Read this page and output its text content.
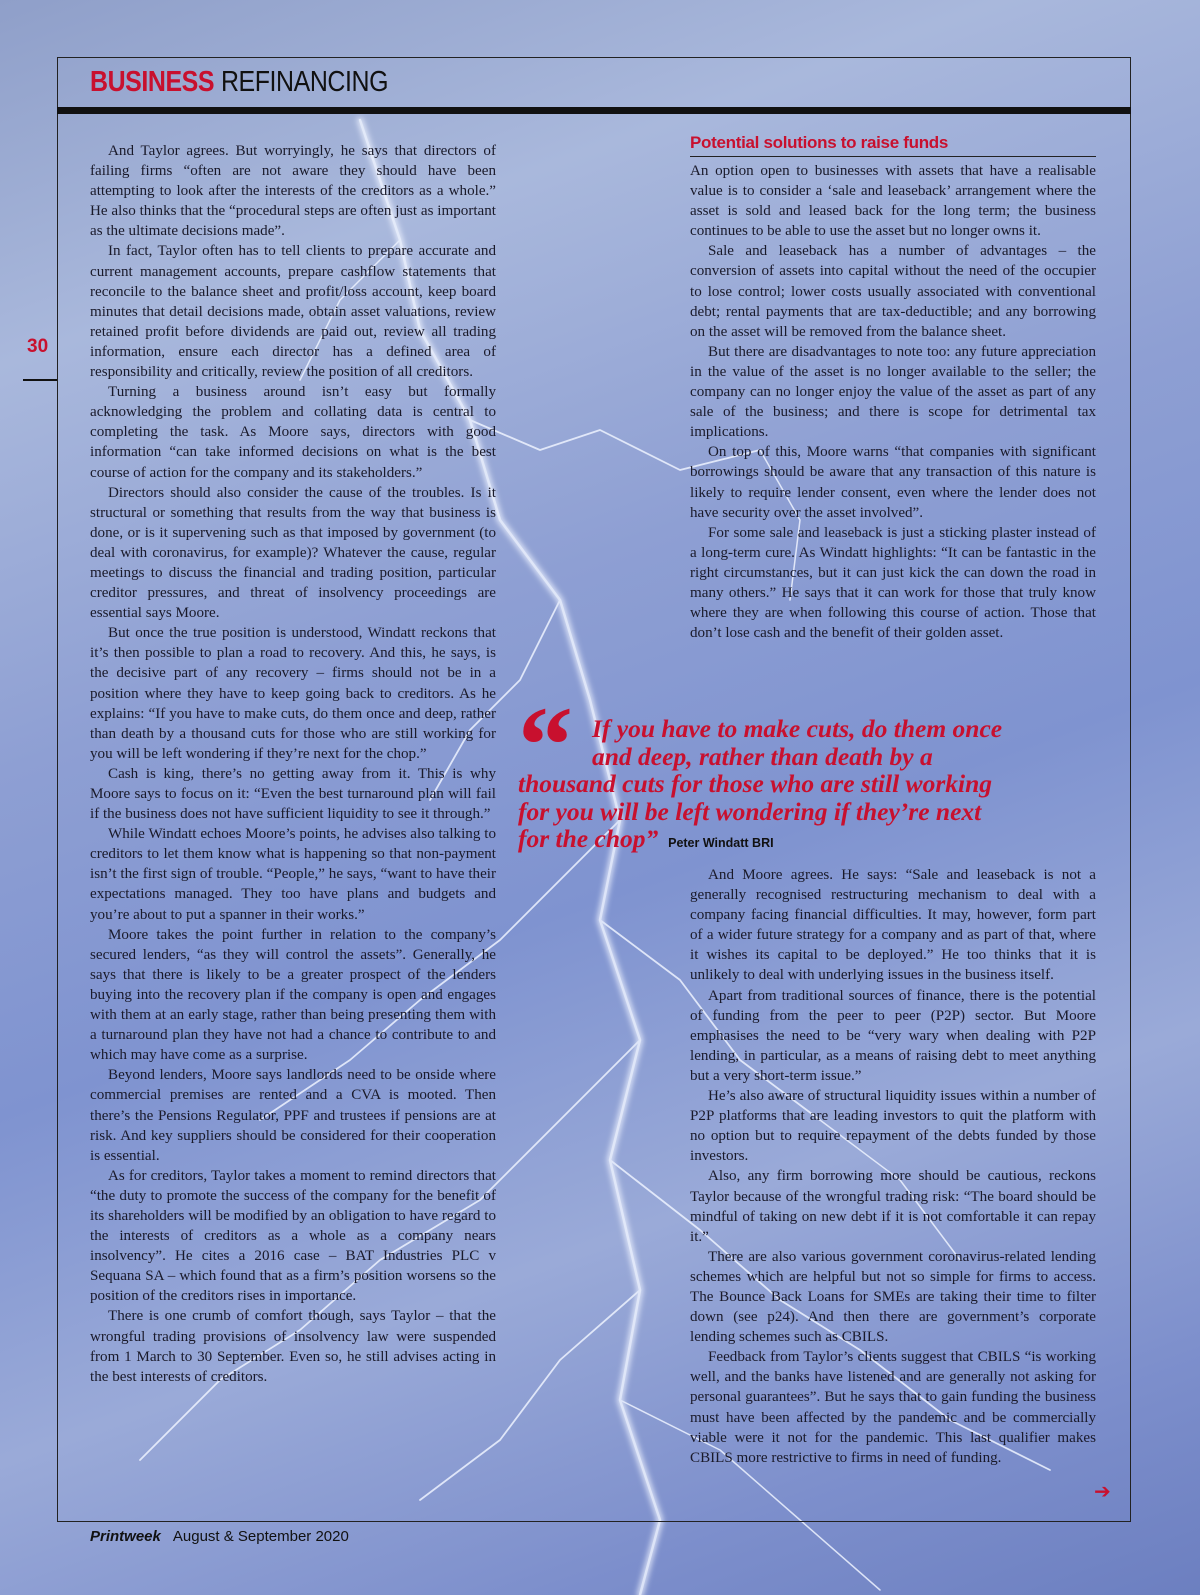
BUSINESS REFINANCING
30

And Taylor agrees. But worryingly, he says that directors of failing firms “often are not aware they should have been attempting to look after the interests of the creditors as a whole.” He also thinks that the “procedural steps are often just as important as the ultimate decisions made”.

In fact, Taylor often has to tell clients to prepare accurate and current management accounts, prepare cashflow statements that reconcile to the balance sheet and profit/loss account, keep board minutes that detail decisions made, obtain asset valuations, review retained profit before dividends are paid out, review all trading information, ensure each director has a defined area of responsibility and critically, review the position of all creditors.

Turning a business around isn’t easy but formally acknowledging the problem and collating data is central to completing the task. As Moore says, directors with good information “can take informed decisions on what is the best course of action for the company and its stakeholders.”

Directors should also consider the cause of the troubles. Is it structural or something that results from the way that business is done, or is it supervening such as that imposed by government (to deal with coronavirus, for example)? Whatever the cause, regular meetings to discuss the financial and trading position, particular creditor pressures, and threat of insolvency proceedings are essential says Moore.

But once the true position is understood, Windatt reckons that it’s then possible to plan a road to recovery. And this, he says, is the decisive part of any recovery – firms should not be in a position where they have to keep going back to creditors. As he explains: “If you have to make cuts, do them once and deep, rather than death by a thousand cuts for those who are still working for you will be left wondering if they’re next for the chop.”

Cash is king, there’s no getting away from it. This is why Moore says to focus on it: “Even the best turnaround plan will fail if the business does not have sufficient liquidity to see it through.”

While Windatt echoes Moore’s points, he advises also talking to creditors to let them know what is happening so that non-payment isn’t the first sign of trouble. “People,” he says, “want to have their expectations managed. They too have plans and budgets and you’re about to put a spanner in their works.”

Moore takes the point further in relation to the company’s secured lenders, “as they will control the assets”. Generally, he says that there is likely to be a greater prospect of the lenders buying into the recovery plan if the company is open and engages with them at an early stage, rather than being presenting them with a turnaround plan they have not had a chance to contribute to and which may have come as a surprise.

Beyond lenders, Moore says landlords need to be onside where commercial premises are rented and a CVA is mooted. Then there’s the Pensions Regulator, PPF and trustees if pensions are at risk. And key suppliers should be considered for their cooperation is essential.

As for creditors, Taylor takes a moment to remind directors that “the duty to promote the success of the company for the benefit of its shareholders will be modified by an obligation to have regard to the interests of creditors as a whole as a company nears insolvency”. He cites a 2016 case – BAT Industries PLC v Sequana SA – which found that as a firm’s position worsens so the position of the creditors rises in importance.

There is one crumb of comfort though, says Taylor – that the wrongful trading provisions of insolvency law were suspended from 1 March to 30 September. Even so, he still advises acting in the best interests of creditors.

Potential solutions to raise funds

An option open to businesses with assets that have a realisable value is to consider a ‘sale and leaseback’ arrangement where the asset is sold and leased back for the long term; the business continues to be able to use the asset but no longer owns it.

Sale and leaseback has a number of advantages – the conversion of assets into capital without the need of the occupier to lose control; lower costs usually associated with conventional debt; rental payments that are tax-deductible; and any borrowing on the asset will be removed from the balance sheet.

But there are disadvantages to note too: any future appreciation in the value of the asset is no longer available to the seller; the company can no longer enjoy the value of the asset as part of any sale of the business; and there is scope for detrimental tax implications.

On top of this, Moore warns “that companies with significant borrowings should be aware that any transaction of this nature is likely to require lender consent, even where the lender does not have security over the asset involved”.

For some sale and leaseback is just a sticking plaster instead of a long-term cure. As Windatt highlights: “It can be fantastic in the right circumstances, but it can just kick the can down the road in many others.” He says that it can work for those that truly know where they are when following this course of action. Those that don’t lose cash and the benefit of their golden asset.

“ If you have to make cuts, do them once
and deep, rather than death by a
thousand cuts for those who are still working
for you will be left wondering if they’re next
for the chop” Peter Windatt BRI

And Moore agrees. He says: “Sale and leaseback is not a generally recognised restructuring mechanism to deal with a company facing financial difficulties. It may, however, form part of a wider future strategy for a company and as part of that, where it wishes its capital to be deployed.” He too thinks that it is unlikely to deal with underlying issues in the business itself.

Apart from traditional sources of finance, there is the potential of funding from the peer to peer (P2P) sector. But Moore emphasises the need to be “very wary when dealing with P2P lending, in particular, as a means of raising debt to meet anything but a very short-term issue.”

He’s also aware of structural liquidity issues within a number of P2P platforms that are leading investors to quit the platform with no option but to require repayment of the debts funded by those investors.

Also, any firm borrowing more should be cautious, reckons Taylor because of the wrongful trading risk: “The board should be mindful of taking on new debt if it is not comfortable it can repay it.”

There are also various government coronavirus-related lending schemes which are helpful but not so simple for firms to access. The Bounce Back Loans for SMEs are taking their time to filter down (see p24). And then there are government’s corporate lending schemes such as CBILS.

Feedback from Taylor’s clients suggest that CBILS “is working well, and the banks have listened and are generally not asking for personal guarantees”. But he says that to gain funding the business must have been affected by the pandemic and be commercially viable were it not for the pandemic. This last qualifier makes CBILS more restrictive to firms in need of funding.

➔
Printweek August & September 2020
